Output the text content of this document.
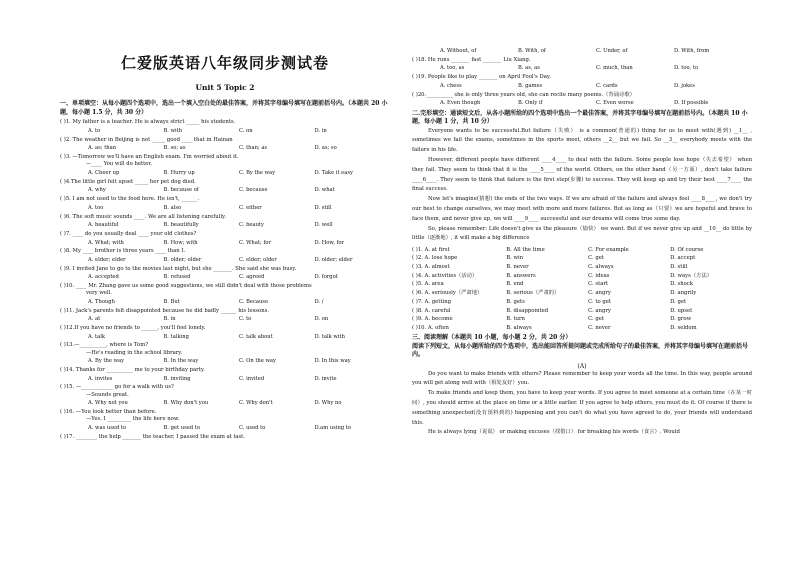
仁爱版英语八年级同步测试卷
Unit 5 Topic 2
一、单项填空：从每小题四个选项中，选出一个填入空白处的最佳答案，并将其字母编号填写在题前括号内。（本题共 20 小题，每小题 1.5 分，共 30 分）
( )1. My father is a teacher. He is always strict _____ his students.
A. to	B. with	C. on	D. in
( )2. The weather in Beijing is not _____ good ____ that in Hainan
A. as; than	B. so; as	C. than; as	D. as; so
( )3. —Tomorrow we'll have an English exam. I'm worried about it.
—____ You will do better.
A. Cheer up	B. Hurry up	C. By the way	D. Take it easy
( )4.The little girl felt upset _____ her pet dog died.
A. why	B. because of	C. because	D. what
( )5. I am not used to the food here. He isn't, ______.
A. too	B. also	C. either	D. still
( )6. The soft music sounds ____. We are all listening carefully.
A. beautiful	B. beautifully	C. beauty	D. well
( )7. ____ do you usually deal ____ your old clothes?
A. What; with	B. How; with	C. What; for	D. How, for
( )8. My ____ brother is three years ____ than I.
A. elder; elder	B. older; older	C. elder; older	D. older; elder
( )9. I invited Jane to go to the movies last night, but she _______. She said she was busy.
A. accepted	B. refused	C. agreed	D. forgot
( )10. ____ Mr. Zhang gave us some good suggestions, we still didn't deal with those problems
very well.
A. Though	B. But	C. Because	D. /
( )11. Jack's parents felt disappointed because he did badly ______ his lessons.
A. at	B. in	C. to	D. on
( )12.If you have no friends to ______, you'll feel lonely.
A. talk	B. talking	C. talk about	D. talk with
( )13.—__________, where is Tom?
—He's reading in the school library.
A. By the way	B. In the way	C. On the way	D. In this way
( )14. Thanks for __________ me to your birthday party.
A. invites	B. inviting	C. invited	D. invite
( )15. —____________ go for a walk with us?
—Sounds great.
A. Why not you	B. Why don't you	C. Why don't	D. Why no
( )16. —You look better than before.
—Yes. I _________ the life here now.
A. was used to	B. get used to	C. used to	D.am using to
( )17. ________ the help _______ the teacher, I passed the exam at last.
A. Without, of	B. With, of	C. Under, of	D. With, from
( )18. He runs _______ fast _______ Liu Xiang.
A. too, as	B. as, as	C. much, than	D. too, to
( )19. People like to play _______ on April Fool's Day.
A. chess	B. games	C. cards	D. jokes
( )20.__________ she is only three years old, she can recite many poems.（背诵诗歌）
A. Even though	B. Only if	C. Even worse	D. If possible
二.完形填空：通读短文后，从各小题所给的四个选项中选出一个最佳答案，并将其字母编号填写在题前括号内。（本题共 10 小题，每小题 1 分，共 10 分）
Everyone wants to be successful.But failure（失败） is a common(普通的) thing for us to meet with(遇到) __1__ , sometimes we fail the exams, sometimes in the sports meet, others __2__ but we fail. So __3__ everybody meets with the failure in his life.
However, different people have different ____4____ to deal with the failure. Some people lose hope（失去希望） when they fail. They seem to think that it is the ____5____ of the world. Others, on the other hand（另一方面）, don't take failure ____6____. They seem to think that failure is the first step(步骤) to success. They will keep up and try their best ____7____ the final success.
Now let's imagine(猜想) the ends of the two ways. If we are afraid of the failure and always feel ____8____, we don't try our best to change ourselves, we may meet with more and more failures. But as long as（只要）we are hopeful and brave to face them, and never give up, we will ____9____ successful and our dreams will come true some day.
So, please remember: Life doesn't give us the pleasure（愉快） we want. But if we never give up and __10__ do little by little（逐渐地）, it will make a big difference
( )1. A. at first	B. All the time	C. For example	D. Of course
( )2. A. lose hope	B. win	C. get	D. accept
( )3. A. almost	B. never	C. always	D. still
( )4. A. activities（活动）	B. answers	C. ideas	D. ways（方法）
( )5. A. area	B. end	C. start	D. shock
( )6. A. seriously（严肃地）	B. serious（严肃的）	C. angry	D. angrily
( )7. A. getting	B. gets	C. to get	D. get
( )8. A. careful	B. disappointed	C. angry	D. upset
( )9. A. become	B. turn	C. get	D. grow
( )10. A. often	B. always	C. never	D. seldom
三、阅读理解（本题共 10 小题，每小题 2 分，共 20 分）
阅读下列短文，从每小题所给的四个选项中，选出能回答所提问题或完成所给句子的最佳答案，并将其字母编号填写在题前括号内。
(A)
Do you want to make friends with others? Please remember to keep your words all the time. In this way, people around you will get along well with（相处友好）you.
To make friends and keep them, you have to keep your words. If you agree to meet someone at a certain time（在某一时间）, you should arrive at the place on time or a little earlier. If you agree to help others, you must do it. Of course if there is something unexpected(没有预料到的) happening and you can't do what you have agreed to do, your friends will understand this.
He is always lying（说谎） or making excuses（找借口） for breaking his words（食言）. Would
